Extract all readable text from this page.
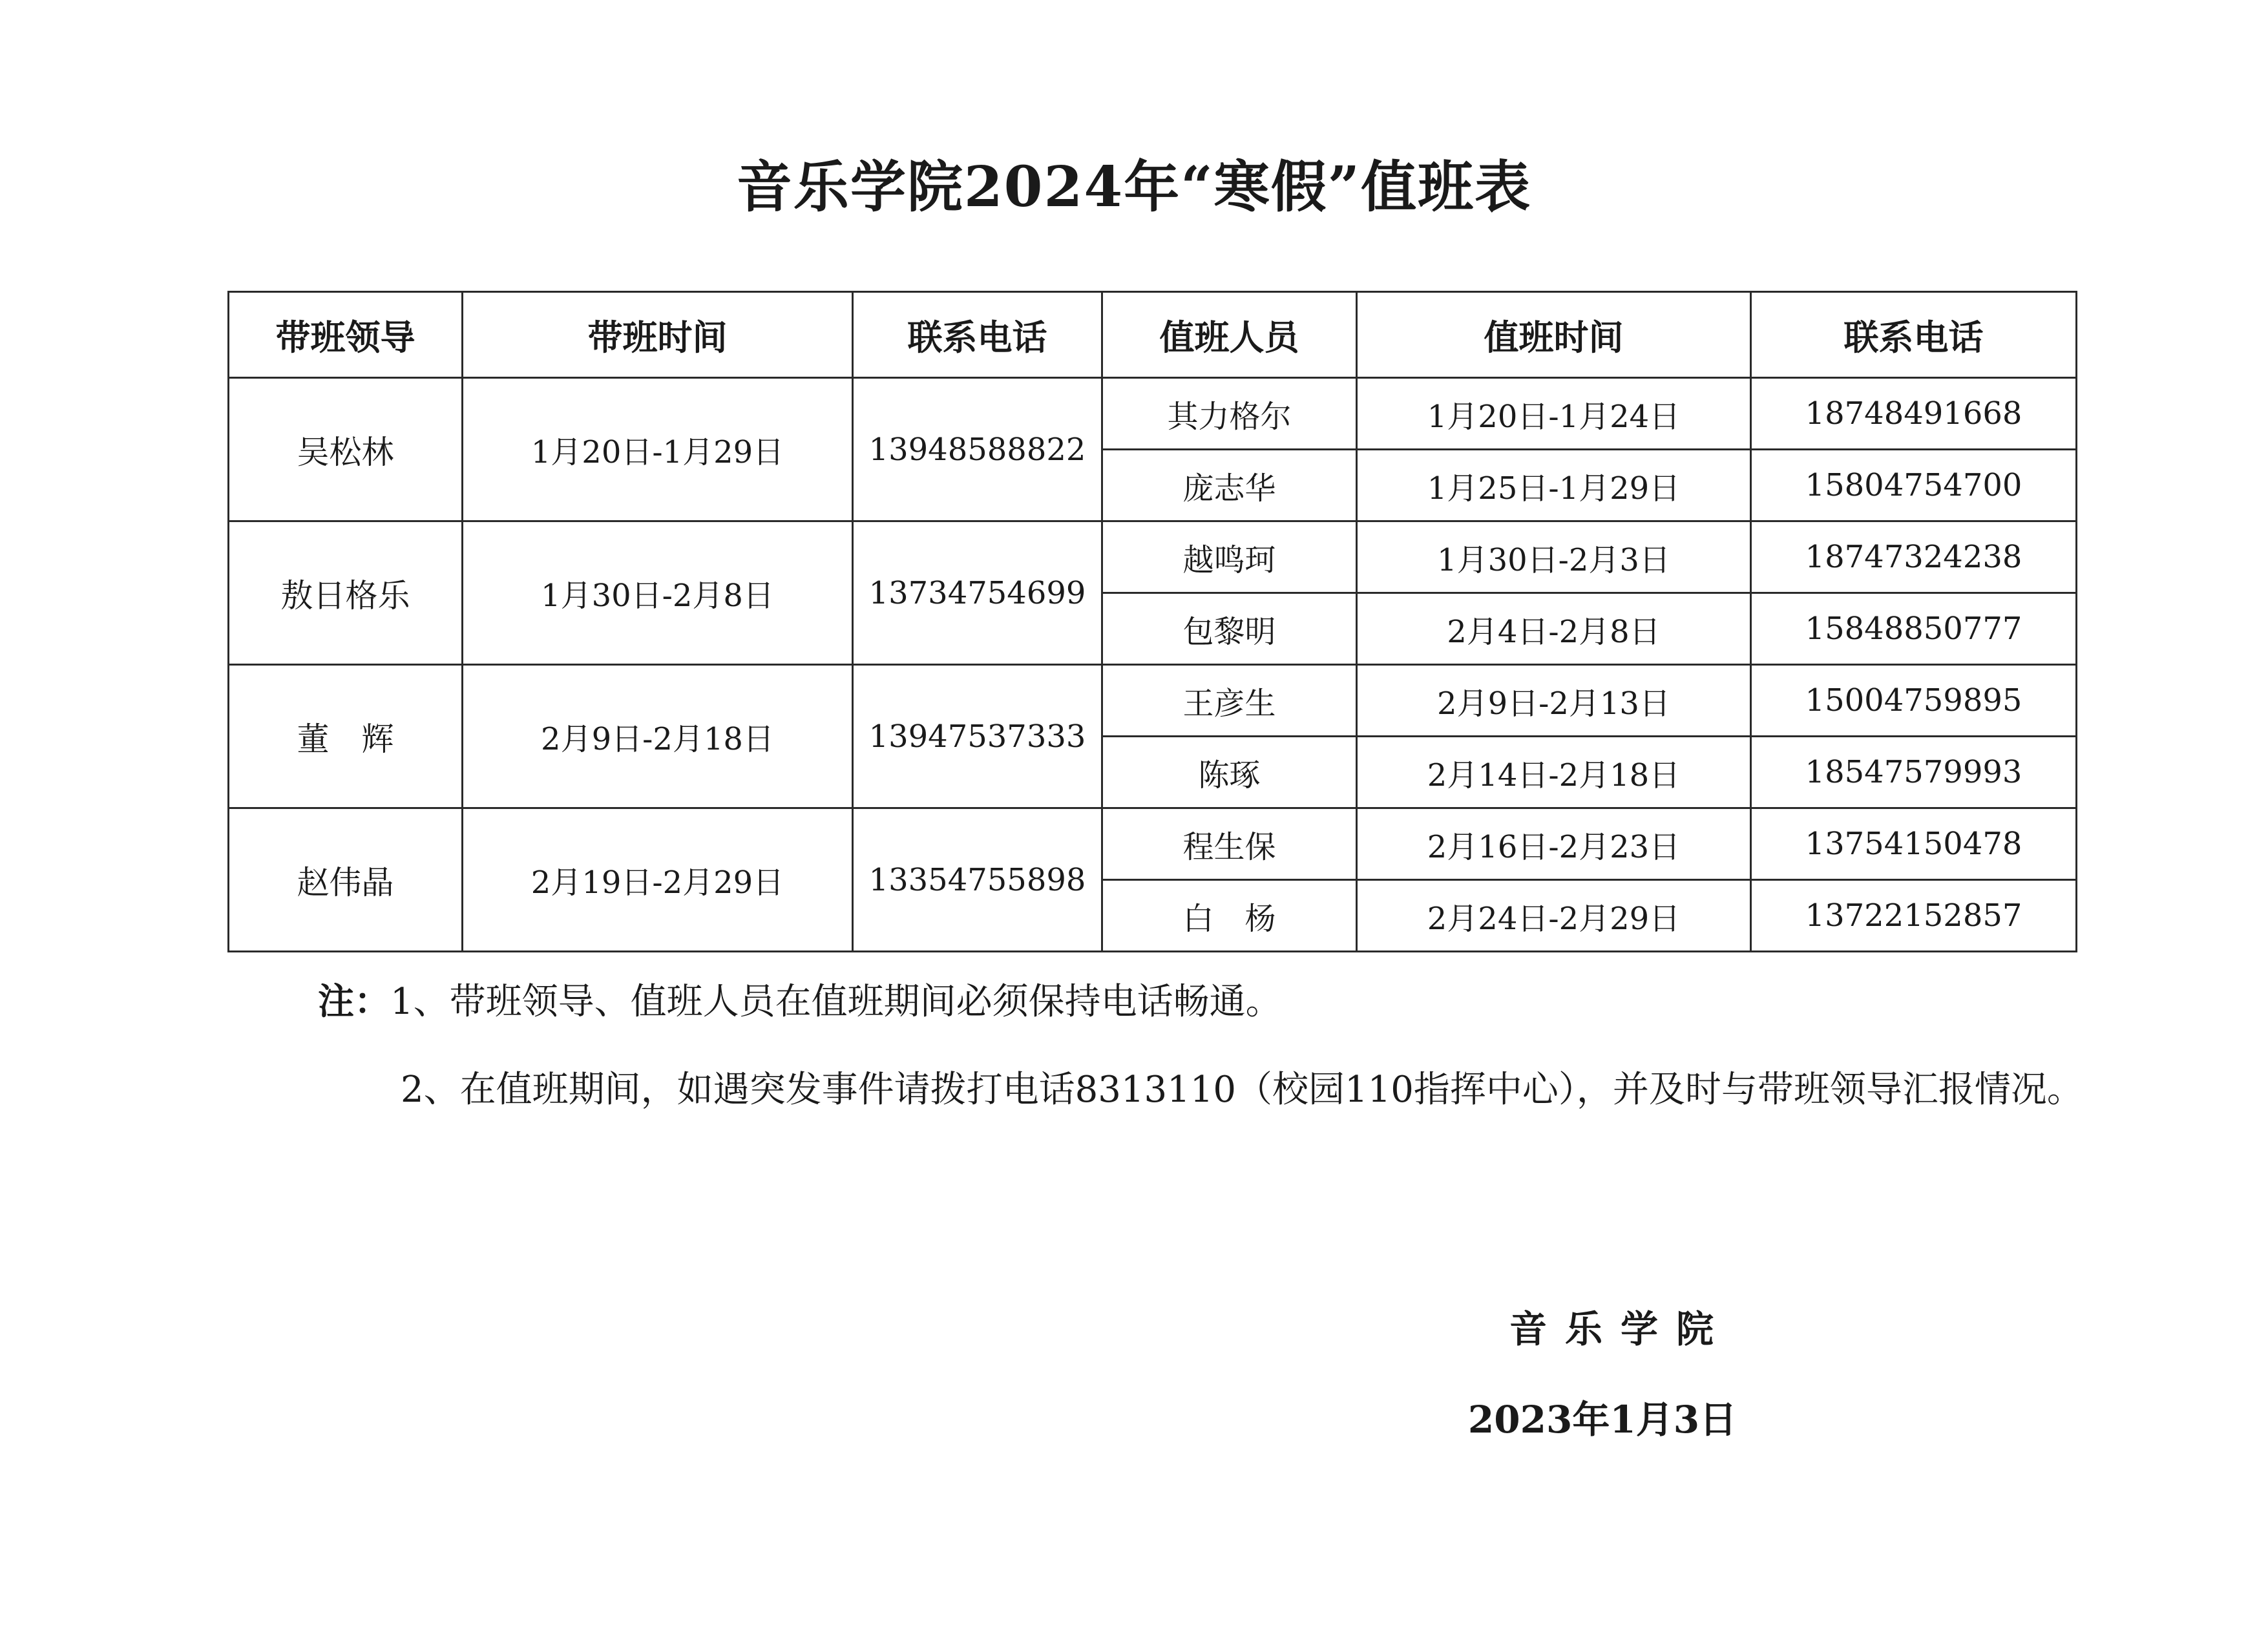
音乐学院2024年“寒假”值班表
带班领导	带班时间	联系电话	值班人员	值班时间	联系电话
吴松林	1月20日-1月29日	13948588822	其力格尔	1月20日-1月24日	18748491668
			庞志华	1月25日-1月29日	15804754700
敖日格乐	1月30日-2月8日	13734754699	越鸣珂	1月30日-2月3日	18747324238
			包黎明	2月4日-2月8日	15848850777
董　辉	2月9日-2月18日	13947537333	王彦生	2月9日-2月13日	15004759895
			陈琢	2月14日-2月18日	18547579993
赵伟晶	2月19日-2月29日	13354755898	程生保	2月16日-2月23日	13754150478
			白　杨	2月24日-2月29日	13722152857

注：1、带班领导、值班人员在值班期间必须保持电话畅通。

2、在值班期间，如遇突发事件请拨打电话8313110（校园110指挥中心），并及时与带班领导汇报情况。

音乐学院
2023年1月3日
